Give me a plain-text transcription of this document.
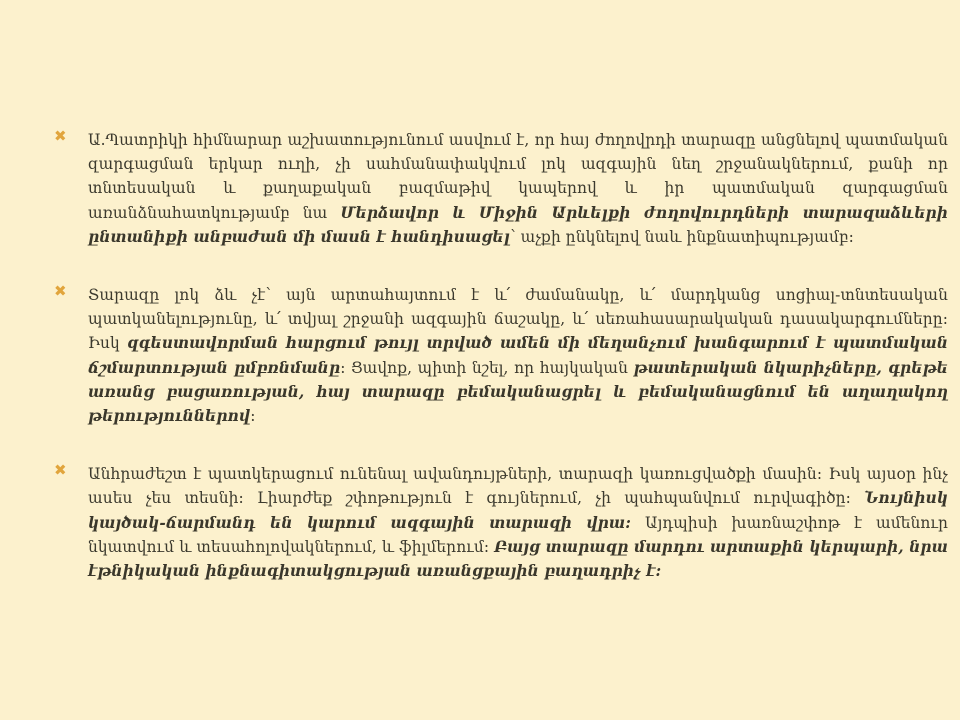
✖ Ա.Պատրիկի հիմնարար աշխատությունում ասվում է, որ հայ ժողովրդի տարազը անցնելով պատմական զարգացման երկար ուղի, չի սահմանափակվում լոկ ազգային նեղ շրջանակներում, քանի որ տնտեսական և քաղաքական բազմաթիվ կապերով և իր պատմական զարգացման առանձնահատկությամբ նա Մերձավոր և Միջին Արևելքի ժողովուրդների տարազաձևերի ընտանիքի անբաժան մի մասն է հանդիսացել՝ աչքի ընկնելով նաև ինքնատիպությամբ:
✖ Տարազը լոկ ձև չէ՝ այն արտահայտում է և՛ ժամանակը, և՛ մարդկանց սոցիալ-տնտեսական պատկանելությունը, և՛ տվյալ շրջանի ազգային ճաշակը, և՛ սեռահասարակական դասակարգումները: Իսկ զգեստավորման հարցում թույլ տրված ամեն մի մեղանչում խանգարում է պատմական ճշմարտության ըմբռնմանը: Ցավոք, պիտի նշել, որ հայկական թատերական նկարիչները, գրեթե առանց բացառության, հայ տարազը բեմականացրել և բեմականացնում են աղաղակող թերություններով:
✖ Անհրաժեշտ է պատկերացում ունենալ ավանդույթների, տարազի կառուցվածքի մասին: Իսկ այսօր ինչ ասես չես տեսնի: Լիարժեք շփոթություն է գույներում, չի պահպանվում ուրվագիծը: Նույնիսկ կայծակ-ճարմանդ են կարում ազգային տարազի վրա: Այդպիսի խառնաշփոթ է ամենուր նկատվում և տեսահոլովակներում, և ֆիլմերում: Բայց տարազը մարդու արտաքին կերպարի, նրա էթնիկական ինքնագիտակցության առանցքային բաղադրիչ է:
